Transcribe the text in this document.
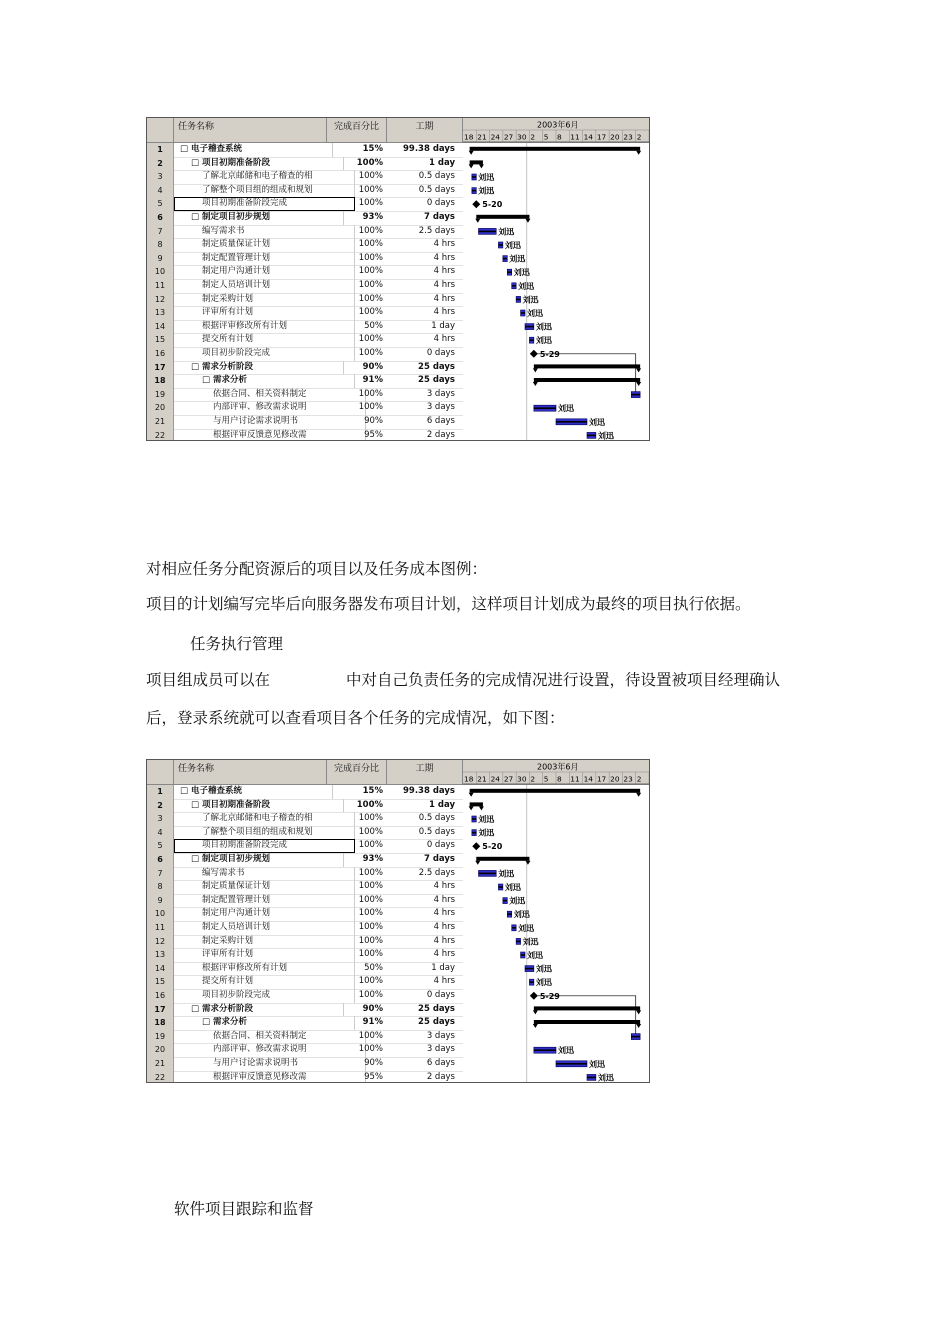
任务名称	完成百分比	工期
1	□ 电子稽查系统	15%	99.38 days
2	□ 项目初期准备阶段	100%	1 day
3	了解北京邮储和电子稽查的相	100%	0.5 days
4	了解整个项目组的组成和规划	100%	0.5 days
5	项目初期准备阶段完成	100%	0 days
6	□ 制定项目初步规划	93%	7 days
7	编写需求书	100%	2.5 days
8	制定质量保证计划	100%	4 hrs
9	制定配置管理计划	100%	4 hrs
10	制定用户沟通计划	100%	4 hrs
11	制定人员培训计划	100%	4 hrs
12	制定采购计划	100%	4 hrs
13	评审所有计划	100%	4 hrs
14	根据评审修改所有计划	50%	1 day
15	提交所有计划	100%	4 hrs
16	项目初步阶段完成	100%	0 days
17	□ 需求分析阶段	90%	25 days
18	□ 需求分析	91%	25 days
19	依据合同、相关资料制定	100%	3 days
20	内部评审、修改需求说明	100%	3 days
21	与用户讨论需求说明书	90%	6 days
22	根据评审反馈意见修改需	95%	2 days
2003年6月
18 21 24 27 30 2 5 8 11 14 17 20 23 2
刘迅
刘迅
5-20
刘迅
刘迅
刘迅
刘迅
刘迅
刘迅
刘迅
刘迅
刘迅
5-29
刘迅
刘迅
刘迅

对相应任务分配资源后的项目以及任务成本图例：

项目的计划编写完毕后向服务器发布项目计划，这样项目计划成为最终的项目执行依据。

任务执行管理

项目组成员可以在	中对自己负责任务的完成情况进行设置，待设置被项目经理确认

后，登录系统就可以查看项目各个任务的完成情况，如下图：

任务名称	完成百分比	工期
1	□ 电子稽查系统	15%	99.38 days
2	□ 项目初期准备阶段	100%	1 day
3	了解北京邮储和电子稽查的相	100%	0.5 days
4	了解整个项目组的组成和规划	100%	0.5 days
5	项目初期准备阶段完成	100%	0 days
6	□ 制定项目初步规划	93%	7 days
7	编写需求书	100%	2.5 days
8	制定质量保证计划	100%	4 hrs
9	制定配置管理计划	100%	4 hrs
10	制定用户沟通计划	100%	4 hrs
11	制定人员培训计划	100%	4 hrs
12	制定采购计划	100%	4 hrs
13	评审所有计划	100%	4 hrs
14	根据评审修改所有计划	50%	1 day
15	提交所有计划	100%	4 hrs
16	项目初步阶段完成	100%	0 days
17	□ 需求分析阶段	90%	25 days
18	□ 需求分析	91%	25 days
19	依据合同、相关资料制定	100%	3 days
20	内部评审、修改需求说明	100%	3 days
21	与用户讨论需求说明书	90%	6 days
22	根据评审反馈意见修改需	95%	2 days
2003年6月
18 21 24 27 30 2 5 8 11 14 17 20 23 2
刘迅
刘迅
5-20
刘迅
刘迅
刘迅
刘迅
刘迅
刘迅
刘迅
刘迅
刘迅
5-29
刘迅
刘迅
刘迅

软件项目跟踪和监督
